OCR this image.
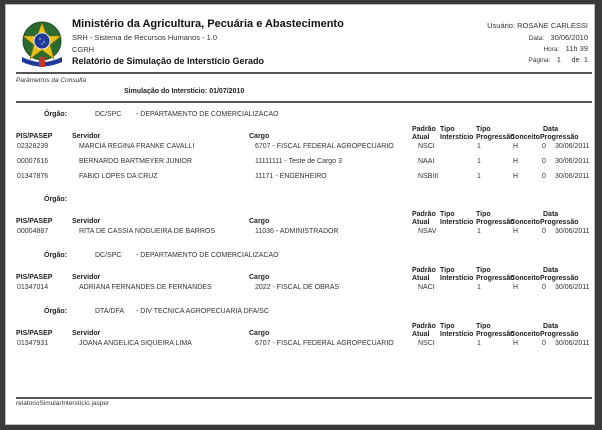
Ministério da Agricultura, Pecuária e Abastecimento
SRH - Sistema de Recursos Humanos - 1.0
CGRH
Relatório de Simulação de Interstício Gerado
Usuário: ROSANE CARLESSI
Data: 30/06/2010
Hora: 11h 39
Página: 1 de 1
Parâmetros da Consulta
Simulação do Interstício: 01/07/2010
Órgão:	DC/SPC - DEPARTAMENTO DE COMERCIALIZACAO
PIS/PASEP	Servidor	Cargo
Padrão
Atual
Tipo
Interstício
Tipo
Progressão
Conceito
Data
Progressão
02328239	MARCIA REGINA FRANKE CAVALLI	6707 - FISCAL FEDERAL AGROPECUARIO	NSCI	1	H	0 30/06/2011
00007616	BERNARDO BARTMEYER JUNIOR	11111111 - Teste de Cargo 3	NAAI	1	H	0 30/06/2011
01347876	FABIO LOPES DA CRUZ	11171 - ENGENHEIRO	NSBIII	1	H	0 30/06/2011
Órgão:
PIS/PASEP	Servidor	Cargo
Padrão
Atual
Tipo
Interstício
Tipo
Progressão
Conceito
Data
Progressão
00004887	RITA DE CASSIA NOGUEIRA DE BARROS	11036 - ADMINISTRADOR	NSAV	1	H	0 30/06/2011
Órgão:	DC/SPC - DEPARTAMENTO DE COMERCIALIZACAO
PIS/PASEP	Servidor	Cargo
Padrão
Atual
Tipo
Interstício
Tipo
Progressão
Conceito
Data
Progressão
01347014	ADRIANA FERNANDES DE FERNANDES	2022 - FISCAL DE OBRAS	NACI	1	H	0 30/06/2011
Órgão:	DTA/DFA - DIV TECNICA AGROPECUARIA DFA/SC
PIS/PASEP	Servidor	Cargo
Padrão
Atual
Tipo
Interstício
Tipo
Progressão
Conceito
Data
Progressão
01347931	JOANA ANGELICA SIQUEIRA LIMA	6707 - FISCAL FEDERAL AGROPECUARIO	NSCI	1	H	0 30/06/2011
relatorioSimularInterstício.jasper
